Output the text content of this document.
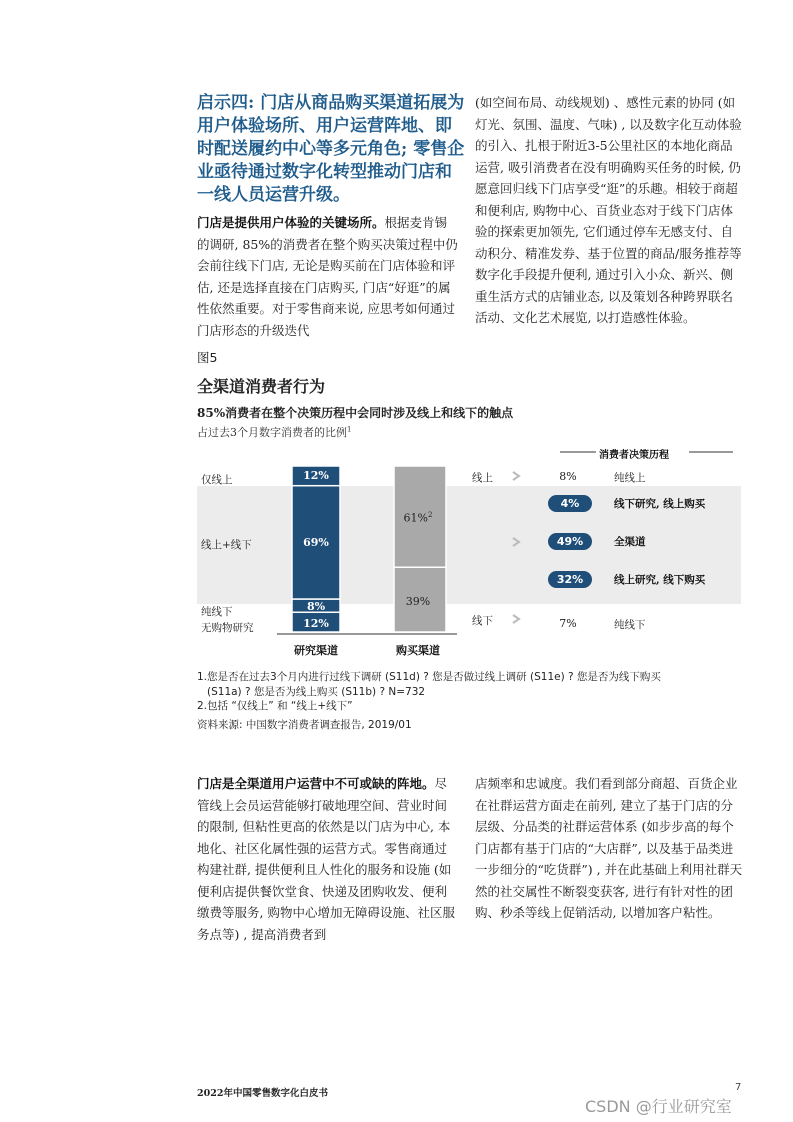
启示四: 门店从商品购买渠道拓展为用户体验场所、用户运营阵地、即时配送履约中心等多元角色; 零售企业亟待通过数字化转型推动门店和一线人员运营升级。
门店是提供用户体验的关键场所。根据麦肯锡的调研, 85%的消费者在整个购买决策过程中仍会前往线下门店, 无论是购买前在门店体验和评估, 还是选择直接在门店购买, 门店“好逛”的属性依然重要。对于零售商来说, 应思考如何通过门店形态的升级迭代
(如空间布局、动线规划) 、感性元素的协同 (如灯光、氛围、温度、气味) , 以及数字化互动体验的引入、扎根于附近3-5公里社区的本地化商品运营, 吸引消费者在没有明确购买任务的时候, 仍愿意回归线下门店享受“逛”的乐趣。相较于商超和便利店, 购物中心、百货业态对于线下门店体验的探索更加领先, 它们通过停车无感支付、自动积分、精准发券、基于位置的商品/服务推荐等数字化手段提升便利, 通过引入小众、新兴、侧重生活方式的店铺业态, 以及策划各种跨界联名活动、文化艺术展览, 以打造感性体验。
图5
全渠道消费者行为
85%消费者在整个决策历程中会同时涉及线上和线下的触点
占过去3个月数字消费者的比例$^1$
消费者决策历程
仅线上
线上+线下
纯线下
无购物研究
12%
69%
8%
12%
61%$^2$
39%
研究渠道	购买渠道
线上
线下
8%	纯线上
4%	线下研究, 线上购买
49%	全渠道
32%	线上研究, 线下购买
7%	纯线下
1.您是否在过去3个月内进行过线下调研 (S11d) ? 您是否做过线上调研 (S11e) ? 您是否为线下购买
(S11a) ? 您是否为线上购买 (S11b) ? N=732
2.包括 “仅线上” 和 “线上+线下”
资料来源: 中国数字消费者调查报告, 2019/01
门店是全渠道用户运营中不可或缺的阵地。尽管线上会员运营能够打破地理空间、营业时间的限制, 但粘性更高的依然是以门店为中心, 本地化、社区化属性强的运营方式。零售商通过构建社群, 提供便利且人性化的服务和设施 (如便利店提供餐饮堂食、快递及团购收发、便利缴费等服务, 购物中心增加无障碍设施、社区服务点等) , 提高消费者到
店频率和忠诚度。我们看到部分商超、百货企业在社群运营方面走在前列, 建立了基于门店的分层级、分品类的社群运营体系 (如步步高的每个门店都有基于门店的“大店群”, 以及基于品类进一步细分的“吃货群”) , 并在此基础上利用社群天然的社交属性不断裂变获客, 进行有针对性的团购、秒杀等线上促销活动, 以增加客户粘性。
2022年中国零售数字化白皮书
7
CSDN @行业研究室
